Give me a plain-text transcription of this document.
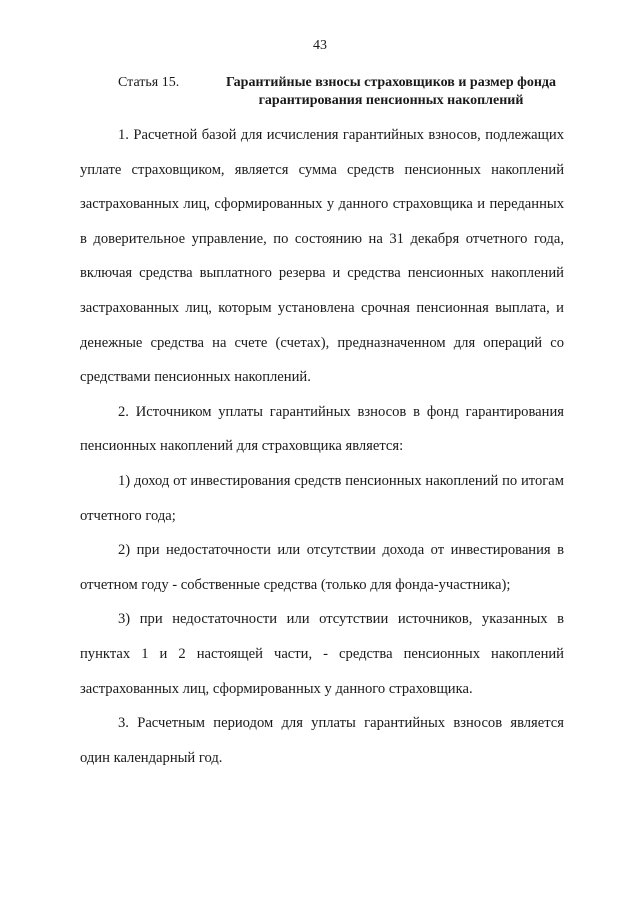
43
Статья 15.	Гарантийные взносы страховщиков и размер фонда гарантирования пенсионных накоплений

1. Расчетной базой для исчисления гарантийных взносов, подлежащих уплате страховщиком, является сумма средств пенсионных накоплений застрахованных лиц, сформированных у данного страховщика и переданных в доверительное управление, по состоянию на 31 декабря отчетного года, включая средства выплатного резерва и средства пенсионных накоплений застрахованных лиц, которым установлена срочная пенсионная выплата, и денежные средства на счете (счетах), предназначенном для операций со средствами пенсионных накоплений.

2. Источником уплаты гарантийных взносов в фонд гарантирования пенсионных накоплений для страховщика является:

1) доход от инвестирования средств пенсионных накоплений по итогам отчетного года;

2) при недостаточности или отсутствии дохода от инвестирования в отчетном году - собственные средства (только для фонда-участника);

3) при недостаточности или отсутствии источников, указанных в пунктах 1 и 2 настоящей части, - средства пенсионных накоплений застрахованных лиц, сформированных у данного страховщика.

3. Расчетным периодом для уплаты гарантийных взносов является один календарный год.
